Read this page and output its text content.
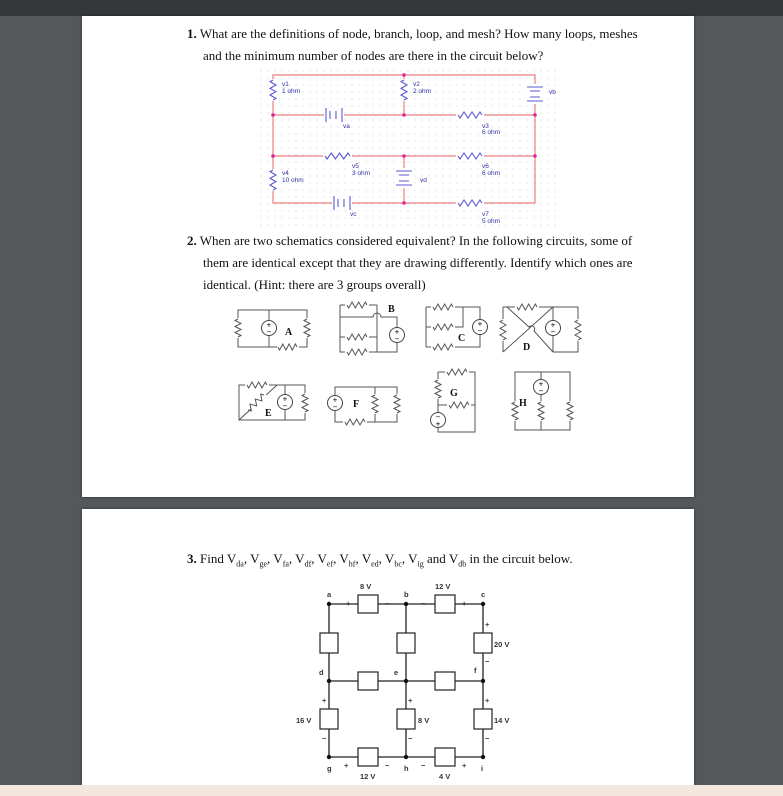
1. What are the definitions of node, branch, loop, and mesh? How many loops, meshes
and the minimum number of nodes are there in the circuit below?
v1
1 ohm
v2
2 ohm	vb
va	v3
6 ohm
v4
10 ohm
v5
3 ohm
v6
6 ohm
vd
vc	v7
5 ohm
2. When are two schematics considered equivalent? In the following circuits, some of
them are identical except that they are drawing differently. Identify which ones are
identical. (Hint: there are 3 groups overall)
+
− A	+
−
B
+
−
C
+
−
D
+
−
E
+
− F
−
+
G
+
−
H
3. Find $V_{da}$, $V_{ge}$, $V_{fa}$, $V_{df}$, $V_{ef}$, $V_{hf}$, $V_{ed}$, $V_{bc}$, $V_{ig}$ and $V_{db}$ in the circuit below.
a	b	c
d	e	f
g	h	i
8 V	12 V
20 V
16 V	8 V	14 V
12 V	4 V
+	−	−	+
+
−
+
−
+
−
+
−
+	−	−	+
